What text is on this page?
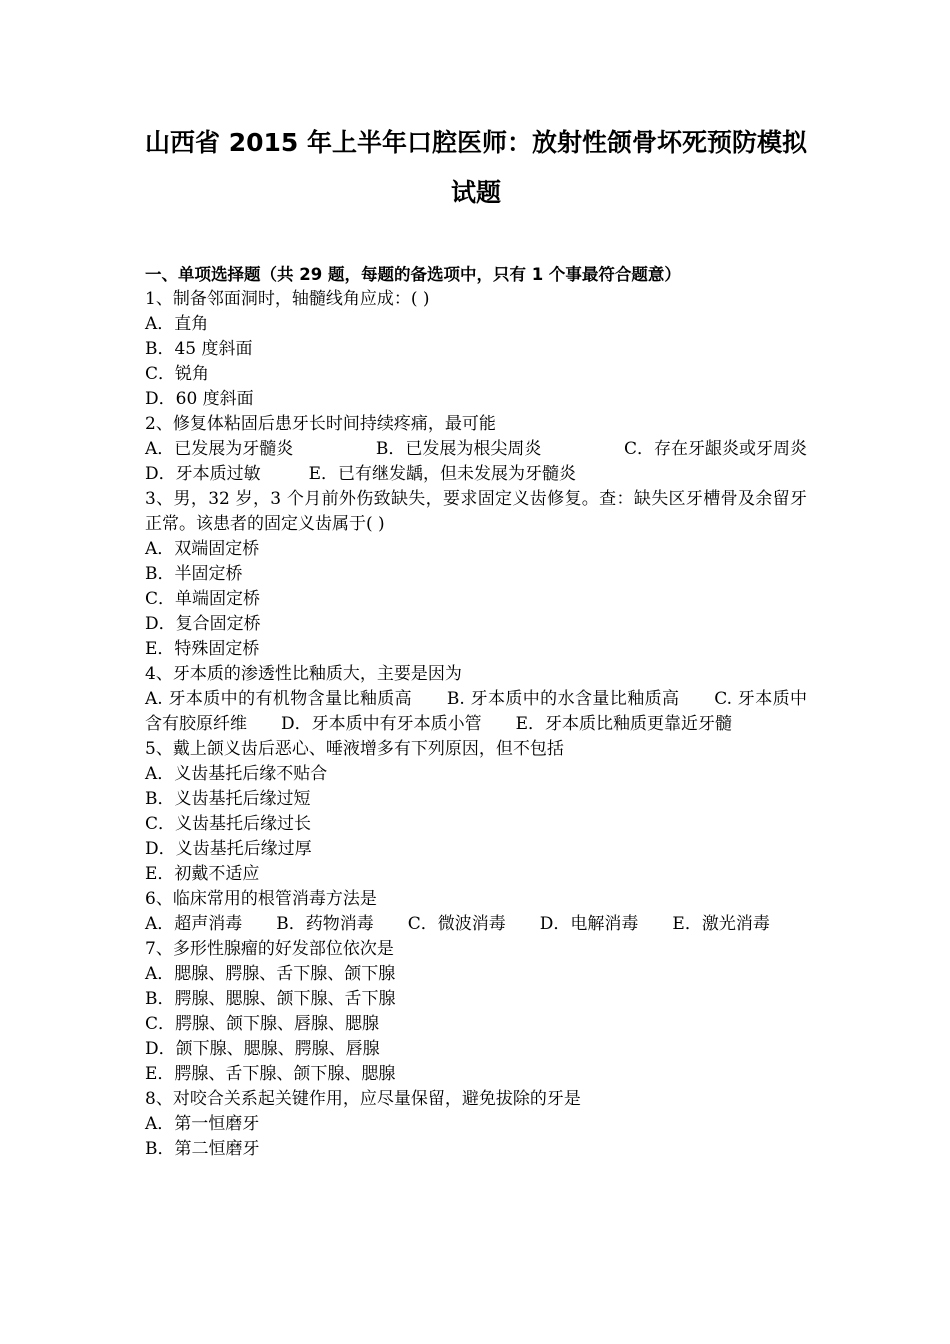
山西省 2015 年上半年口腔医师：放射性颌骨坏死预防模拟
试题
一、单项选择题（共 29 题，每题的备选项中，只有 1 个事最符合题意）
1、制备邻面洞时，轴髓线角应成：( )
A．直角
B．45 度斜面
C．锐角
D．60 度斜面
2、修复体粘固后患牙长时间持续疼痛，最可能
A．已发展为牙髓炎	B．已发展为根尖周炎	C．存在牙龈炎或牙周炎
D．牙本质过敏	E．已有继发龋，但未发展为牙髓炎
3、男，32 岁，3 个月前外伤致缺失，要求固定义齿修复。查：缺失区牙槽骨及余留牙正常。该患者的固定义齿属于( )
A．双端固定桥
B．半固定桥
C．单端固定桥
D．复合固定桥
E．特殊固定桥
4、牙本质的渗透性比釉质大，主要是因为
A. 牙本质中的有机物含量比釉质高　　B. 牙本质中的水含量比釉质高　　C. 牙本质中含有胶原纤维　　D．牙本质中有牙本质小管　　E．牙本质比釉质更靠近牙髓
5、戴上颌义齿后恶心、唾液增多有下列原因，但不包括
A．义齿基托后缘不贴合
B．义齿基托后缘过短
C．义齿基托后缘过长
D．义齿基托后缘过厚
E．初戴不适应
6、临床常用的根管消毒方法是
A．超声消毒　　B．药物消毒　　C．微波消毒　　D．电解消毒　　E．激光消毒
7、多形性腺瘤的好发部位依次是
A．腮腺、腭腺、舌下腺、颌下腺
B．腭腺、腮腺、颌下腺、舌下腺
C．腭腺、颌下腺、唇腺、腮腺
D．颌下腺、腮腺、腭腺、唇腺
E．腭腺、舌下腺、颌下腺、腮腺
8、对咬合关系起关键作用，应尽量保留，避免拔除的牙是
A．第一恒磨牙
B．第二恒磨牙
